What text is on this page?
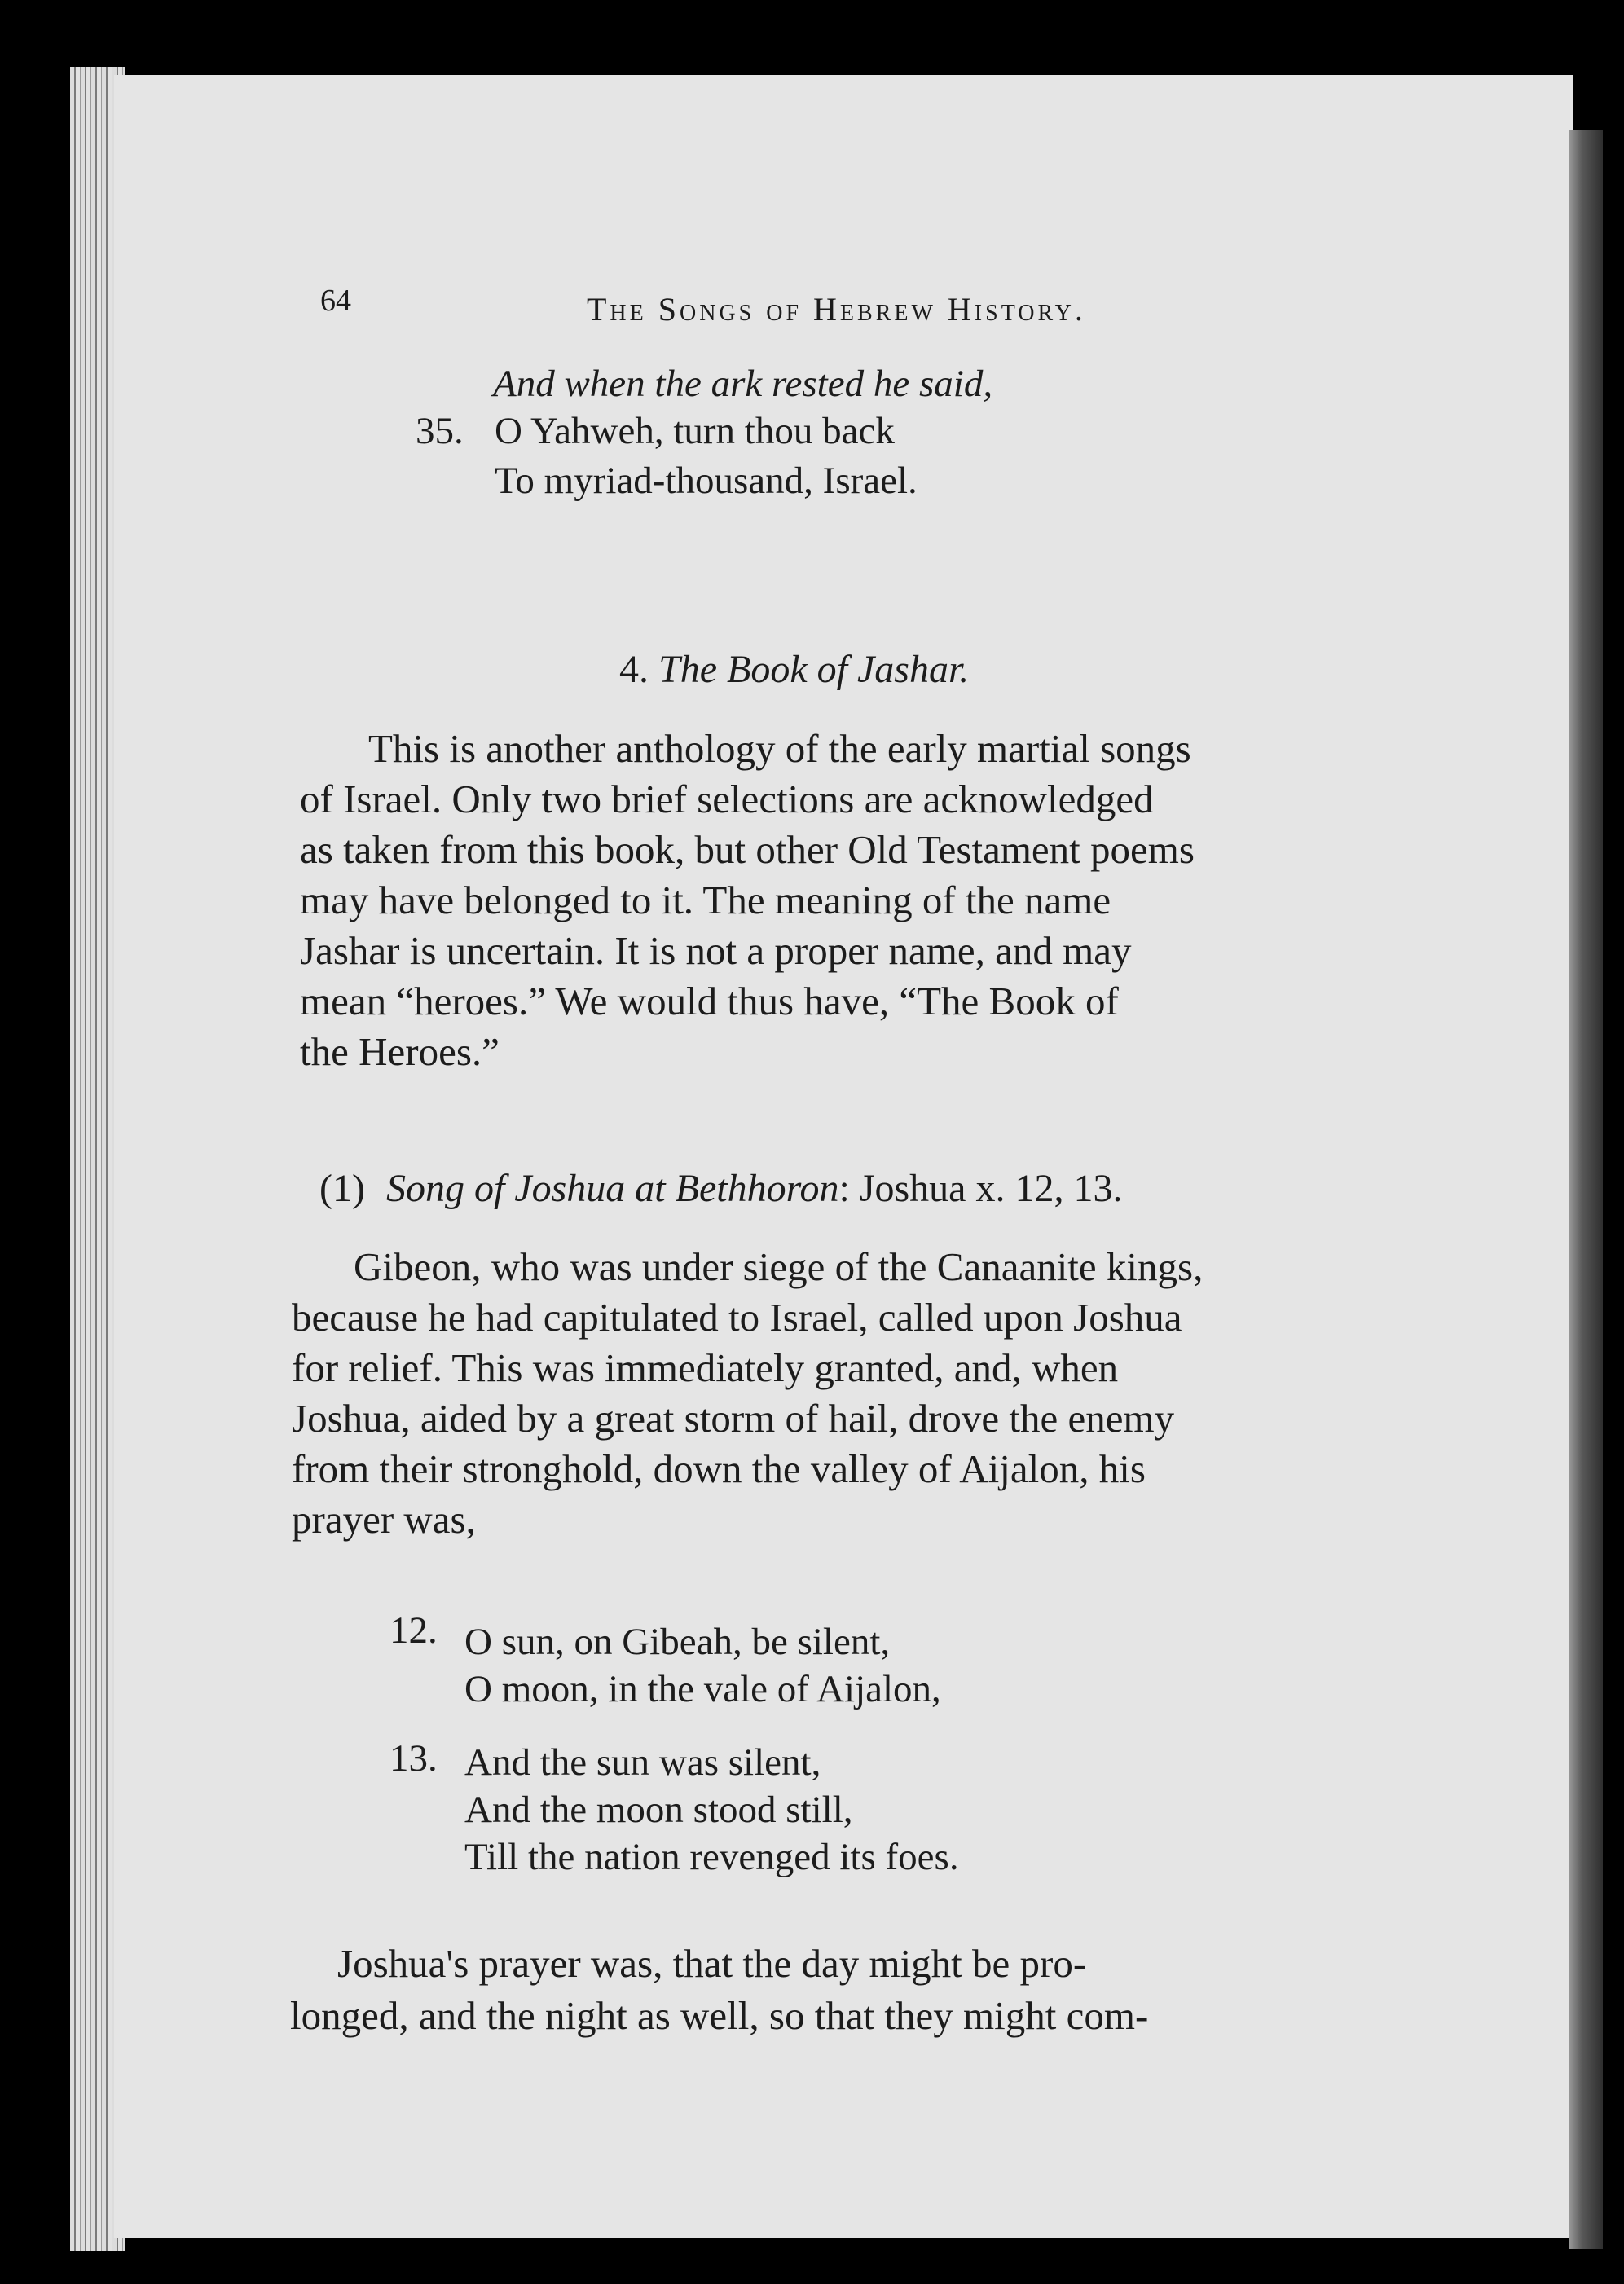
64	The Songs of Hebrew History.
And when the ark rested he said,
35. O Yahweh, turn thou back
To myriad-thousand, Israel.
4. The Book of Jashar.
This is another anthology of the early martial songs
of Israel. Only two brief selections are acknowledged
as taken from this book, but other Old Testament poems
may have belonged to it. The meaning of the name
Jashar is uncertain. It is not a proper name, and may
mean “heroes.” We would thus have, “The Book of
the Heroes.”
(1) Song of Joshua at Bethhoron: Joshua x. 12, 13.
Gibeon, who was under siege of the Canaanite kings,
because he had capitulated to Israel, called upon Joshua
for relief. This was immediately granted, and, when
Joshua, aided by a great storm of hail, drove the enemy
from their stronghold, down the valley of Aijalon, his
prayer was,
12. O sun, on Gibeah, be silent,
O moon, in the vale of Aijalon,
13. And the sun was silent,
And the moon stood still,
Till the nation revenged its foes.
Joshua's prayer was, that the day might be pro-
longed, and the night as well, so that they might com-
